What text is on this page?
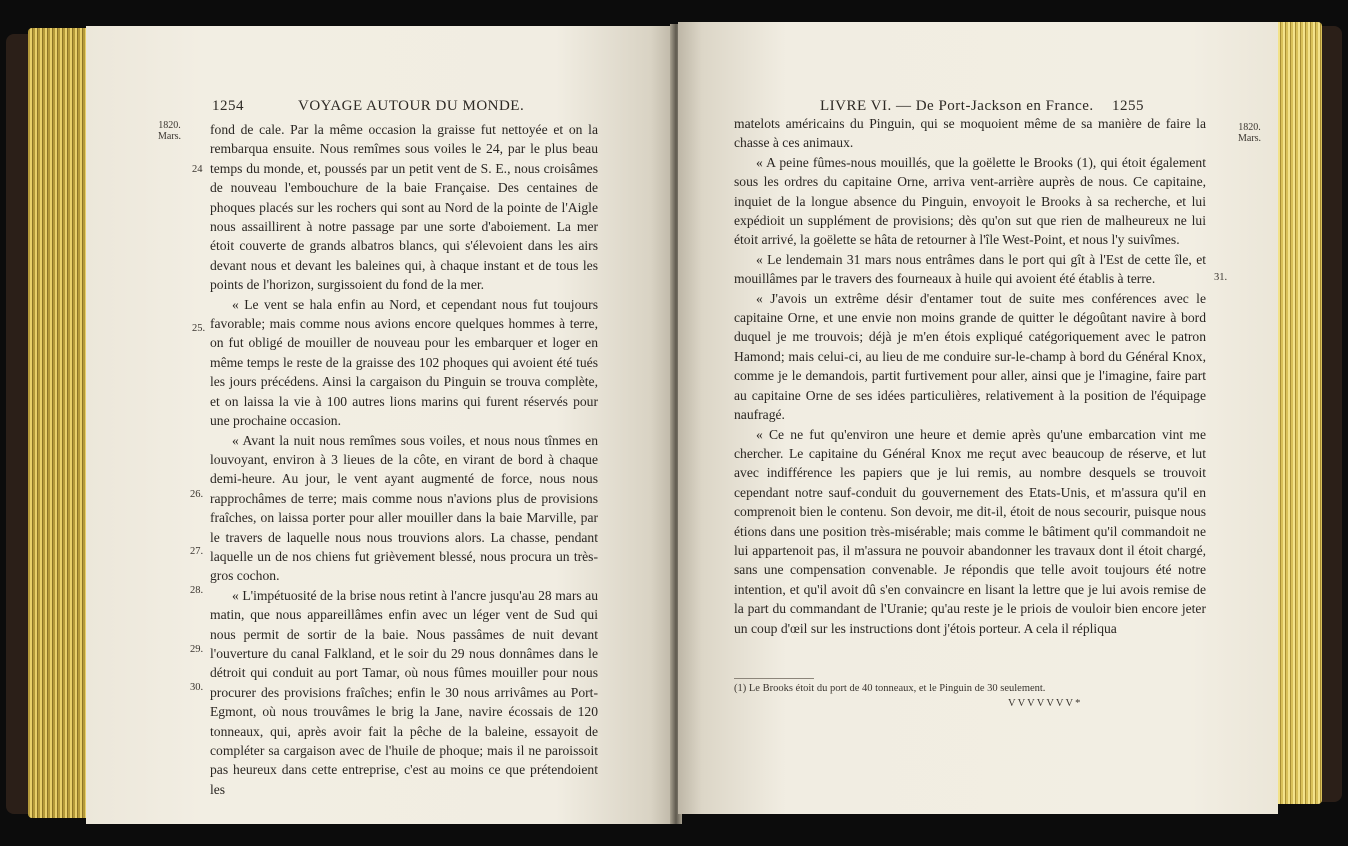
1254	VOYAGE AUTOUR DU MONDE.
1820.
Mars.
24
25.
26.
27.
28.
29.
30.

fond de cale. Par la même occasion la graisse fut nettoyée et on la rembarqua ensuite. Nous remîmes sous voiles le 24, par le plus beau temps du monde, et, poussés par un petit vent de S. E., nous croisâmes de nouveau l'embouchure de la baie Française. Des centaines de phoques placés sur les rochers qui sont au Nord de la pointe de l'Aigle nous assaillirent à notre passage par une sorte d'aboiement. La mer étoit couverte de grands albatros blancs, qui s'élevoient dans les airs devant nous et devant les baleines qui, à chaque instant et de tous les points de l'horizon, surgissoient du fond de la mer.

« Le vent se hala enfin au Nord, et cependant nous fut toujours favorable; mais comme nous avions encore quelques hommes à terre, on fut obligé de mouiller de nouveau pour les embarquer et loger en même temps le reste de la graisse des 102 phoques qui avoient été tués les jours précédens. Ainsi la cargaison du Pinguin se trouva complète, et on laissa la vie à 100 autres lions marins qui furent réservés pour une prochaine occasion.

« Avant la nuit nous remîmes sous voiles, et nous nous tînmes en louvoyant, environ à 3 lieues de la côte, en virant de bord à chaque demi-heure. Au jour, le vent ayant augmenté de force, nous nous rapprochâmes de terre; mais comme nous n'avions plus de provisions fraîches, on laissa porter pour aller mouiller dans la baie Marville, par le travers de laquelle nous nous trouvions alors. La chasse, pendant laquelle un de nos chiens fut grièvement blessé, nous procura un très-gros cochon.

« L'impétuosité de la brise nous retint à l'ancre jusqu'au 28 mars au matin, que nous appareillâmes enfin avec un léger vent de Sud qui nous permit de sortir de la baie. Nous passâmes de nuit devant l'ouverture du canal Falkland, et le soir du 29 nous donnâmes dans le détroit qui conduit au port Tamar, où nous fûmes mouiller pour nous procurer des provisions fraîches; enfin le 30 nous arrivâmes au Port-Egmont, où nous trouvâmes le brig la Jane, navire écossais de 120 tonneaux, qui, après avoir fait la pêche de la baleine, essayoit de compléter sa cargaison avec de l'huile de phoque; mais il ne paroissoit pas heureux dans cette entreprise, c'est au moins ce que prétendoient les

LIVRE VI. — De Port-Jackson en France. 1255
1820.
Mars.
31.

matelots américains du Pinguin, qui se moquoient même de sa manière de faire la chasse à ces animaux.

« A peine fûmes-nous mouillés, que la goëlette le Brooks (1), qui étoit également sous les ordres du capitaine Orne, arriva vent-arrière auprès de nous. Ce capitaine, inquiet de la longue absence du Pinguin, envoyoit le Brooks à sa recherche, et lui expédioit un supplément de provisions; dès qu'on sut que rien de malheureux ne lui étoit arrivé, la goëlette se hâta de retourner à l'île West-Point, et nous l'y suivîmes.

« Le lendemain 31 mars nous entrâmes dans le port qui gît à l'Est de cette île, et mouillâmes par le travers des fourneaux à huile qui avoient été établis à terre.

« J'avois un extrême désir d'entamer tout de suite mes conférences avec le capitaine Orne, et une envie non moins grande de quitter le dégoûtant navire à bord duquel je me trouvois; déjà je m'en étois expliqué catégoriquement avec le patron Hamond; mais celui-ci, au lieu de me conduire sur-le-champ à bord du Général Knox, comme je le demandois, partit furtivement pour aller, ainsi que je l'imagine, faire part au capitaine Orne de ses idées particulières, relativement à la position de l'équipage naufragé.

« Ce ne fut qu'environ une heure et demie après qu'une embarcation vint me chercher. Le capitaine du Général Knox me reçut avec beaucoup de réserve, et lut avec indifférence les papiers que je lui remis, au nombre desquels se trouvoit cependant notre sauf-conduit du gouvernement des Etats-Unis, et m'assura qu'il en comprenoit bien le contenu. Son devoir, me dit-il, étoit de nous secourir, puisque nous étions dans une position très-misérable; mais comme le bâtiment qu'il commandoit ne lui appartenoit pas, il m'assura ne pouvoir abandonner les travaux dont il étoit chargé, sans une compensation convenable. Je répondis que telle avoit toujours été notre intention, et qu'il avoit dû s'en convaincre en lisant la lettre que je lui avois remise de la part du commandant de l'Uranie; qu'au reste je le priois de vouloir bien encore jeter un coup d'œil sur les instructions dont j'étois porteur. A cela il répliqua

(1) Le Brooks étoit du port de 40 tonneaux, et le Pinguin de 30 seulement.
VVVVVVV*
